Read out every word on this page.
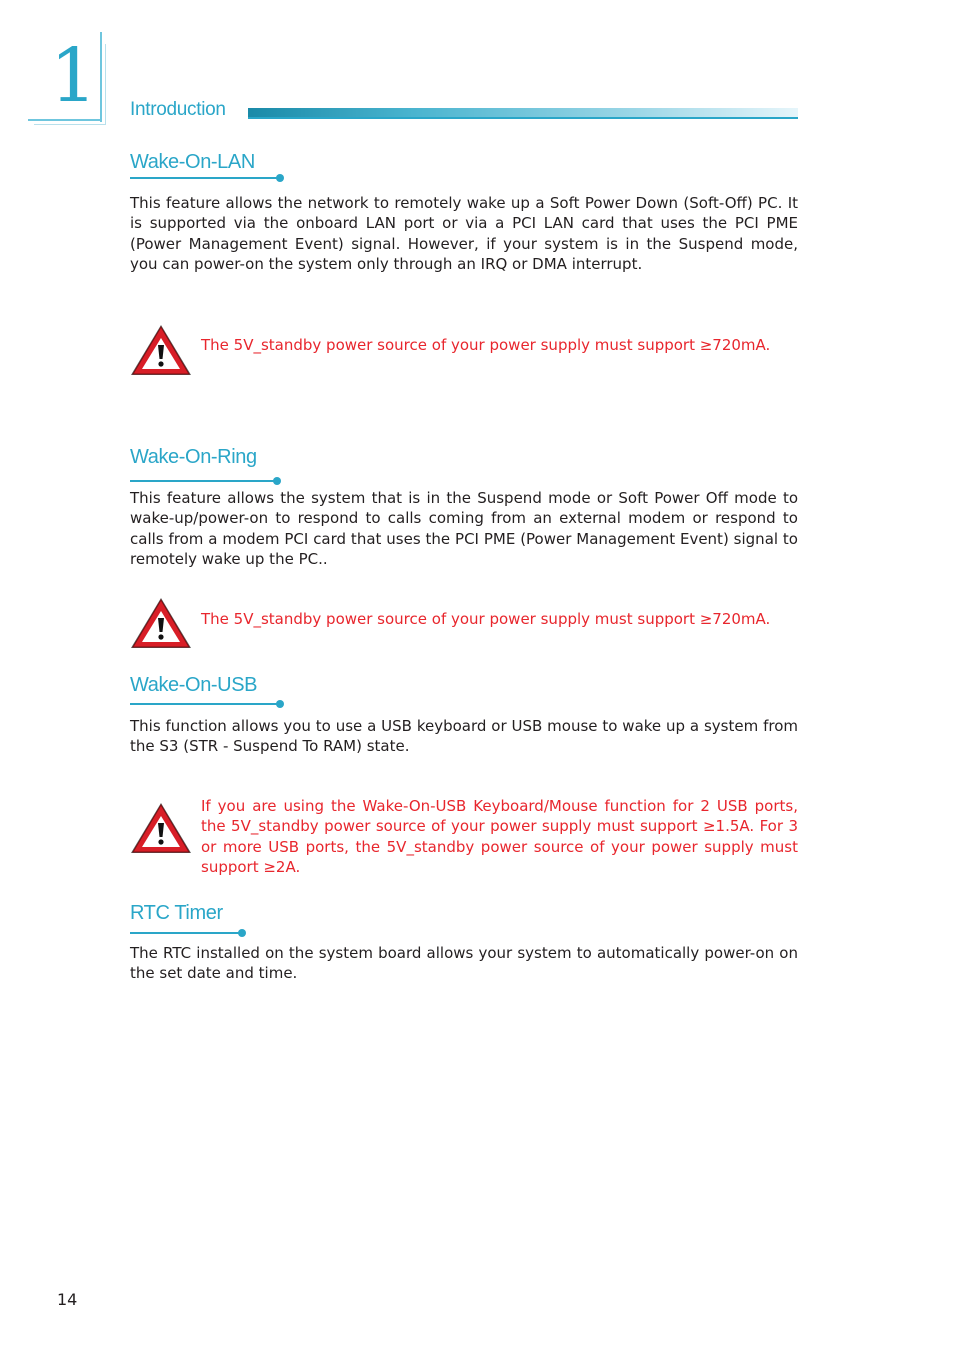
1 Introduction
Wake-On-LAN
This feature allows the network to remotely wake up a Soft Power Down (Soft-Off) PC. It is supported via the onboard LAN port or via a PCI LAN card that uses the PCI PME (Power Management Event) signal. However, if your system is in the Suspend mode, you can power-on the system only through an IRQ or DMA interrupt.
The 5V_standby power source of your power supply must support ≥720mA.
Wake-On-Ring
This feature allows the system that is in the Suspend mode or Soft Power Off mode to wake-up/power-on to respond to calls coming from an external modem or respond to calls from a modem PCI card that uses the PCI PME (Power Management Event) signal to remotely wake up the PC..
The 5V_standby power source of your power supply must support ≥720mA.
Wake-On-USB
This function allows you to use a USB keyboard or USB mouse to wake up a system from the S3 (STR - Suspend To RAM) state.
If you are using the Wake-On-USB Keyboard/Mouse function for 2 USB ports, the 5V_standby power source of your power supply must support ≥1.5A. For 3 or more USB ports, the 5V_standby power source of your power supply must support ≥2A.
RTC Timer
The RTC installed on the system board allows your system to automatically power-on on the set date and time.
14
